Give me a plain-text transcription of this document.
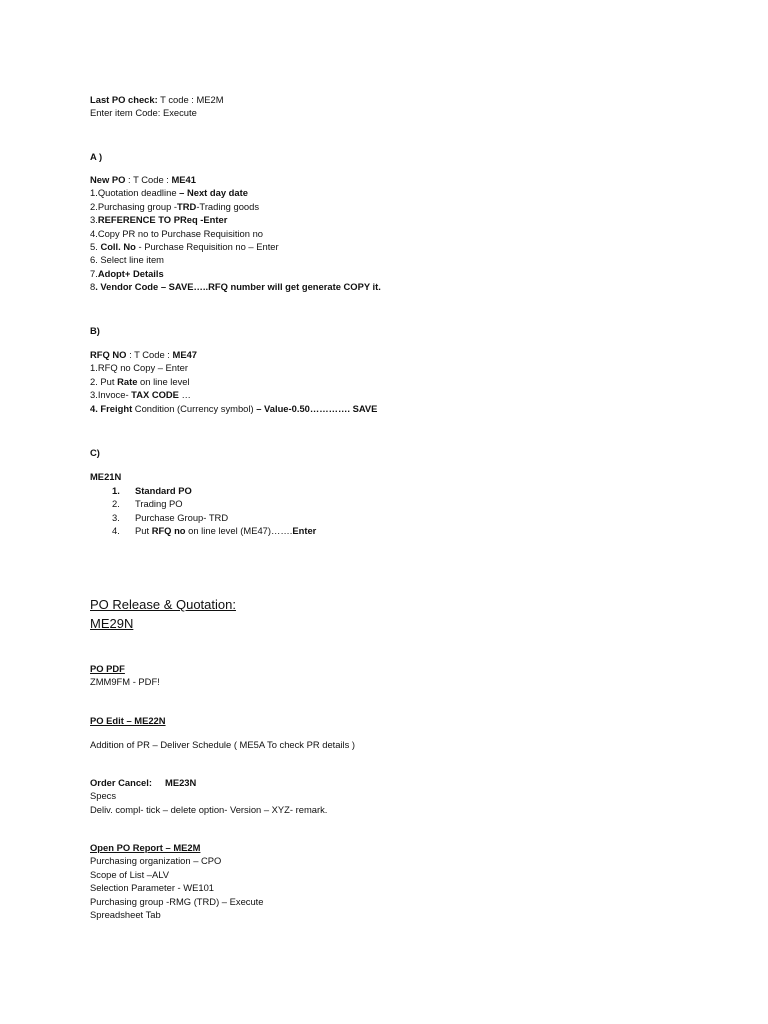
Last PO check: T code : ME2M
Enter item Code: Execute
A )
New PO : T Code : ME41
1.Quotation deadline – Next day date
2.Purchasing group -TRD-Trading goods
3.REFERENCE TO PReq -Enter
4.Copy PR no to Purchase Requisition no
5. Coll. No - Purchase Requisition no – Enter
6. Select line item
7.Adopt+ Details
8. Vendor Code – SAVE…..RFQ number will get generate COPY it.
B)
RFQ NO : T Code : ME47
1.RFQ no Copy – Enter
2. Put Rate on line level
3.Invoce- TAX CODE …
4. Freight Condition (Currency symbol) – Value-0.50…………. SAVE
C)
ME21N
1. Standard PO
2. Trading PO
3. Purchase Group- TRD
4. Put RFQ no on line level (ME47)…….Enter
PO Release & Quotation:
ME29N
PO PDF
ZMM9FM - PDF!
PO Edit – ME22N
Addition of PR – Deliver Schedule ( ME5A To check PR details )
Order Cancel:     ME23N
Specs
Deliv. compl- tick – delete option- Version – XYZ- remark.
Open PO Report – ME2M
Purchasing organization – CPO
Scope of List –ALV
Selection Parameter - WE101
Purchasing group -RMG (TRD) – Execute
Spreadsheet Tab
